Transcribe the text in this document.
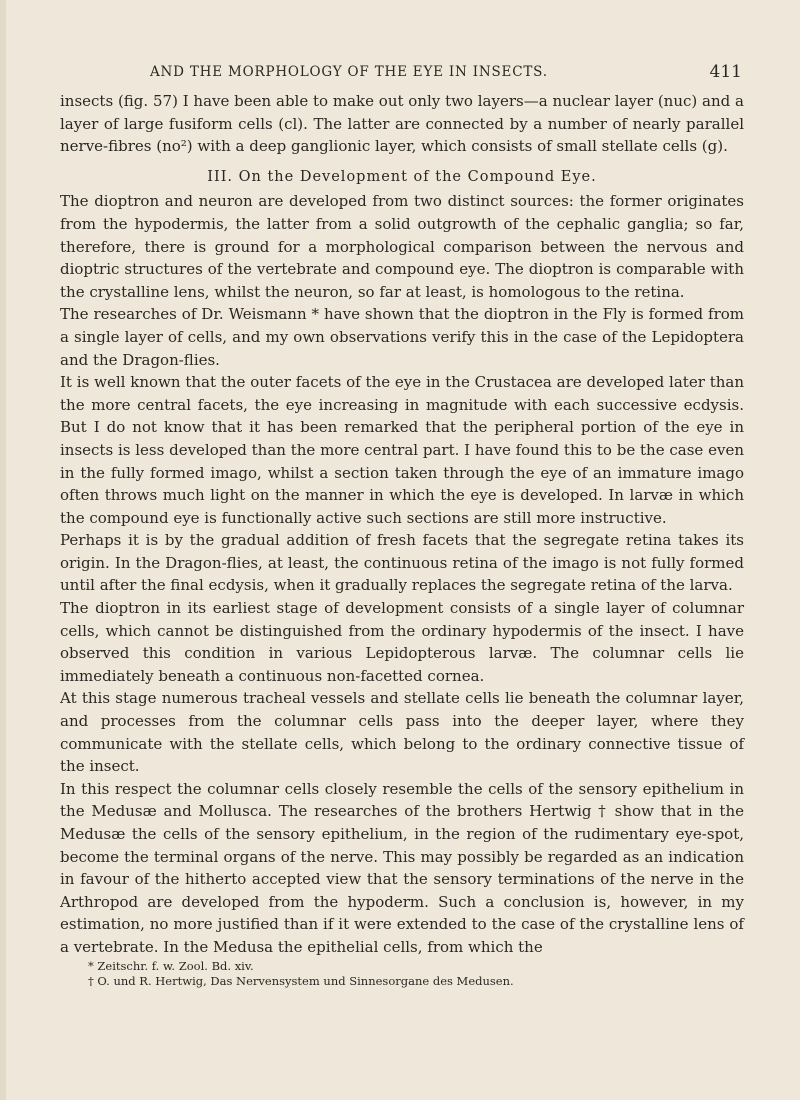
AND THE MORPHOLOGY OF THE EYE IN INSECTS.	411

insects (fig. 57) I have been able to make out only two layers—a nuclear layer (nuc) and a layer of large fusiform cells (cl). The latter are connected by a number of nearly parallel nerve-fibres (no²) with a deep ganglionic layer, which consists of small stellate cells (g).

III. On the Development of the Compound Eye.

The dioptron and neuron are developed from two distinct sources: the former originates from the hypodermis, the latter from a solid outgrowth of the cephalic ganglia; so far, therefore, there is ground for a morphological comparison between the nervous and dioptric structures of the vertebrate and compound eye. The dioptron is comparable with the crystalline lens, whilst the neuron, so far at least, is homologous to the retina.

The researches of Dr. Weismann * have shown that the dioptron in the Fly is formed from a single layer of cells, and my own observations verify this in the case of the Lepidoptera and the Dragon-flies.

It is well known that the outer facets of the eye in the Crustacea are developed later than the more central facets, the eye increasing in magnitude with each successive ecdysis. But I do not know that it has been remarked that the peripheral portion of the eye in insects is less developed than the more central part. I have found this to be the case even in the fully formed imago, whilst a section taken through the eye of an immature imago often throws much light on the manner in which the eye is developed. In larvæ in which the compound eye is functionally active such sections are still more instructive.

Perhaps it is by the gradual addition of fresh facets that the segregate retina takes its origin. In the Dragon-flies, at least, the continuous retina of the imago is not fully formed until after the final ecdysis, when it gradually replaces the segregate retina of the larva.

The dioptron in its earliest stage of development consists of a single layer of columnar cells, which cannot be distinguished from the ordinary hypodermis of the insect. I have observed this condition in various Lepidopterous larvæ. The columnar cells lie immediately beneath a continuous non-facetted cornea.

At this stage numerous tracheal vessels and stellate cells lie beneath the columnar layer, and processes from the columnar cells pass into the deeper layer, where they communicate with the stellate cells, which belong to the ordinary connective tissue of the insect.

In this respect the columnar cells closely resemble the cells of the sensory epithelium in the Medusæ and Mollusca. The researches of the brothers Hertwig † show that in the Medusæ the cells of the sensory epithelium, in the region of the rudimentary eye-spot, become the terminal organs of the nerve. This may possibly be regarded as an indication in favour of the hitherto accepted view that the sensory terminations of the nerve in the Arthropod are developed from the hypoderm. Such a conclusion is, however, in my estimation, no more justified than if it were extended to the case of the crystalline lens of a vertebrate. In the Medusa the epithelial cells, from which the

* Zeitschr. f. w. Zool. Bd. xiv.
† O. und R. Hertwig, Das Nervensystem und Sinnesorgane des Medusen.
